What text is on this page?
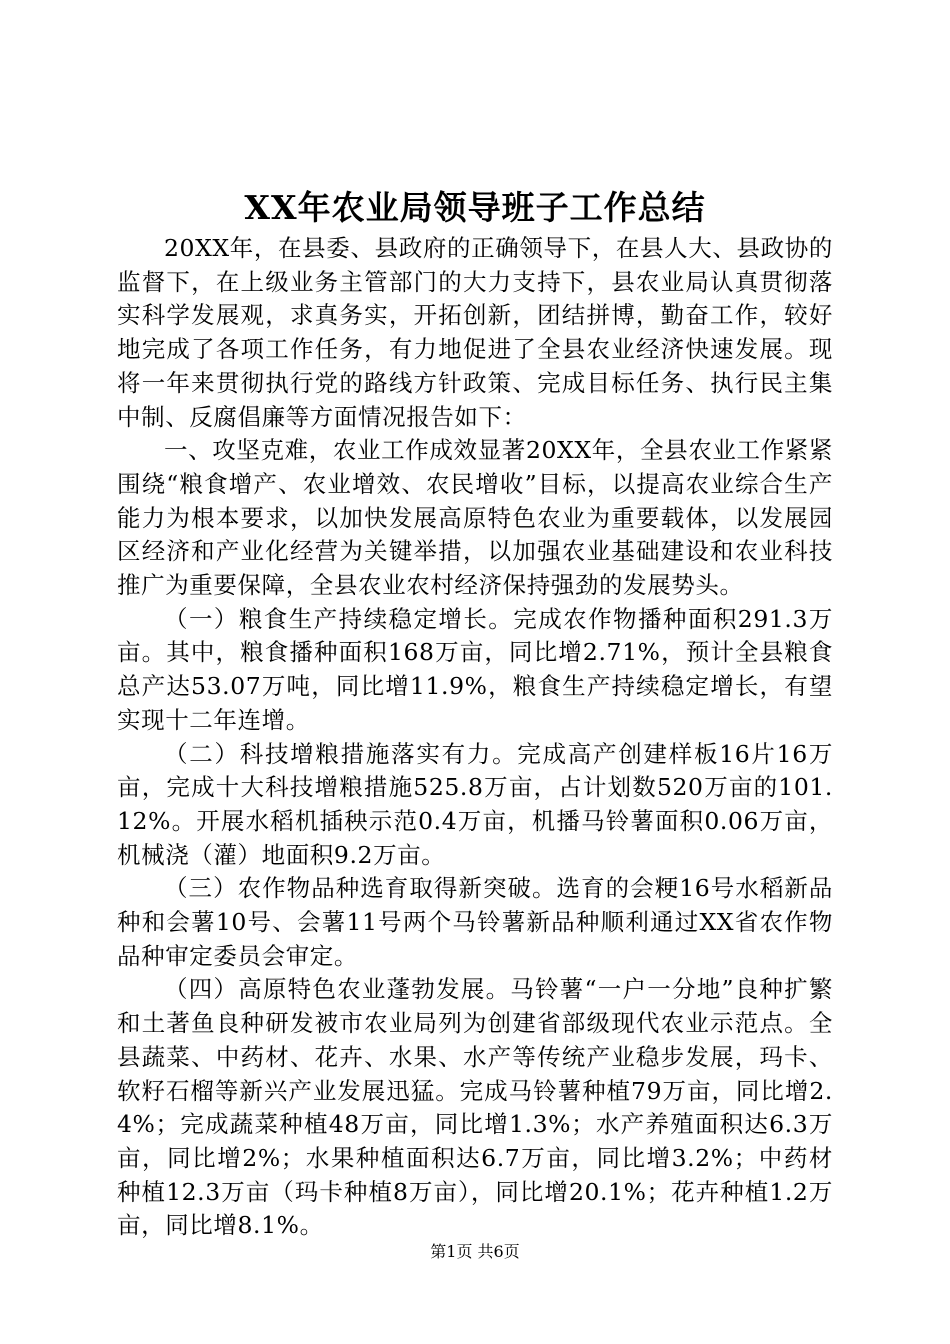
XX年农业局领导班子工作总结

20XX年，在县委、县政府的正确领导下，在县人大、县政协的监督下，在上级业务主管部门的大力支持下，县农业局认真贯彻落实科学发展观，求真务实，开拓创新，团结拼博，勤奋工作，较好地完成了各项工作任务，有力地促进了全县农业经济快速发展。现将一年来贯彻执行党的路线方针政策、完成目标任务、执行民主集中制、反腐倡廉等方面情况报告如下：

一、攻坚克难，农业工作成效显著20XX年，全县农业工作紧紧围绕“粮食增产、农业增效、农民增收”目标，以提高农业综合生产能力为根本要求，以加快发展高原特色农业为重要载体，以发展园区经济和产业化经营为关键举措，以加强农业基础建设和农业科技推广为重要保障，全县农业农村经济保持强劲的发展势头。

（一）粮食生产持续稳定增长。完成农作物播种面积291.3万亩。其中，粮食播种面积168万亩，同比增2.71%，预计全县粮食总产达53.07万吨，同比增11.9%，粮食生产持续稳定增长，有望实现十二年连增。

（二）科技增粮措施落实有力。完成高产创建样板16片16万亩，完成十大科技增粮措施525.8万亩，占计划数520万亩的101.12%。开展水稻机插秧示范0.4万亩，机播马铃薯面积0.06万亩，机械浇（灌）地面积9.2万亩。

（三）农作物品种选育取得新突破。选育的会粳16号水稻新品种和会薯10号、会薯11号两个马铃薯新品种顺利通过XX省农作物品种审定委员会审定。

（四）高原特色农业蓬勃发展。马铃薯“一户一分地”良种扩繁和土著鱼良种研发被市农业局列为创建省部级现代农业示范点。全县蔬菜、中药材、花卉、水果、水产等传统产业稳步发展，玛卡、软籽石榴等新兴产业发展迅猛。完成马铃薯种植79万亩，同比增2.4%；完成蔬菜种植48万亩，同比增1.3%；水产养殖面积达6.3万亩，同比增2%；水果种植面积达6.7万亩，同比增3.2%；中药材种植12.3万亩（玛卡种植8万亩），同比增20.1%；花卉种植1.2万亩，同比增8.1%。

第1页 共6页
